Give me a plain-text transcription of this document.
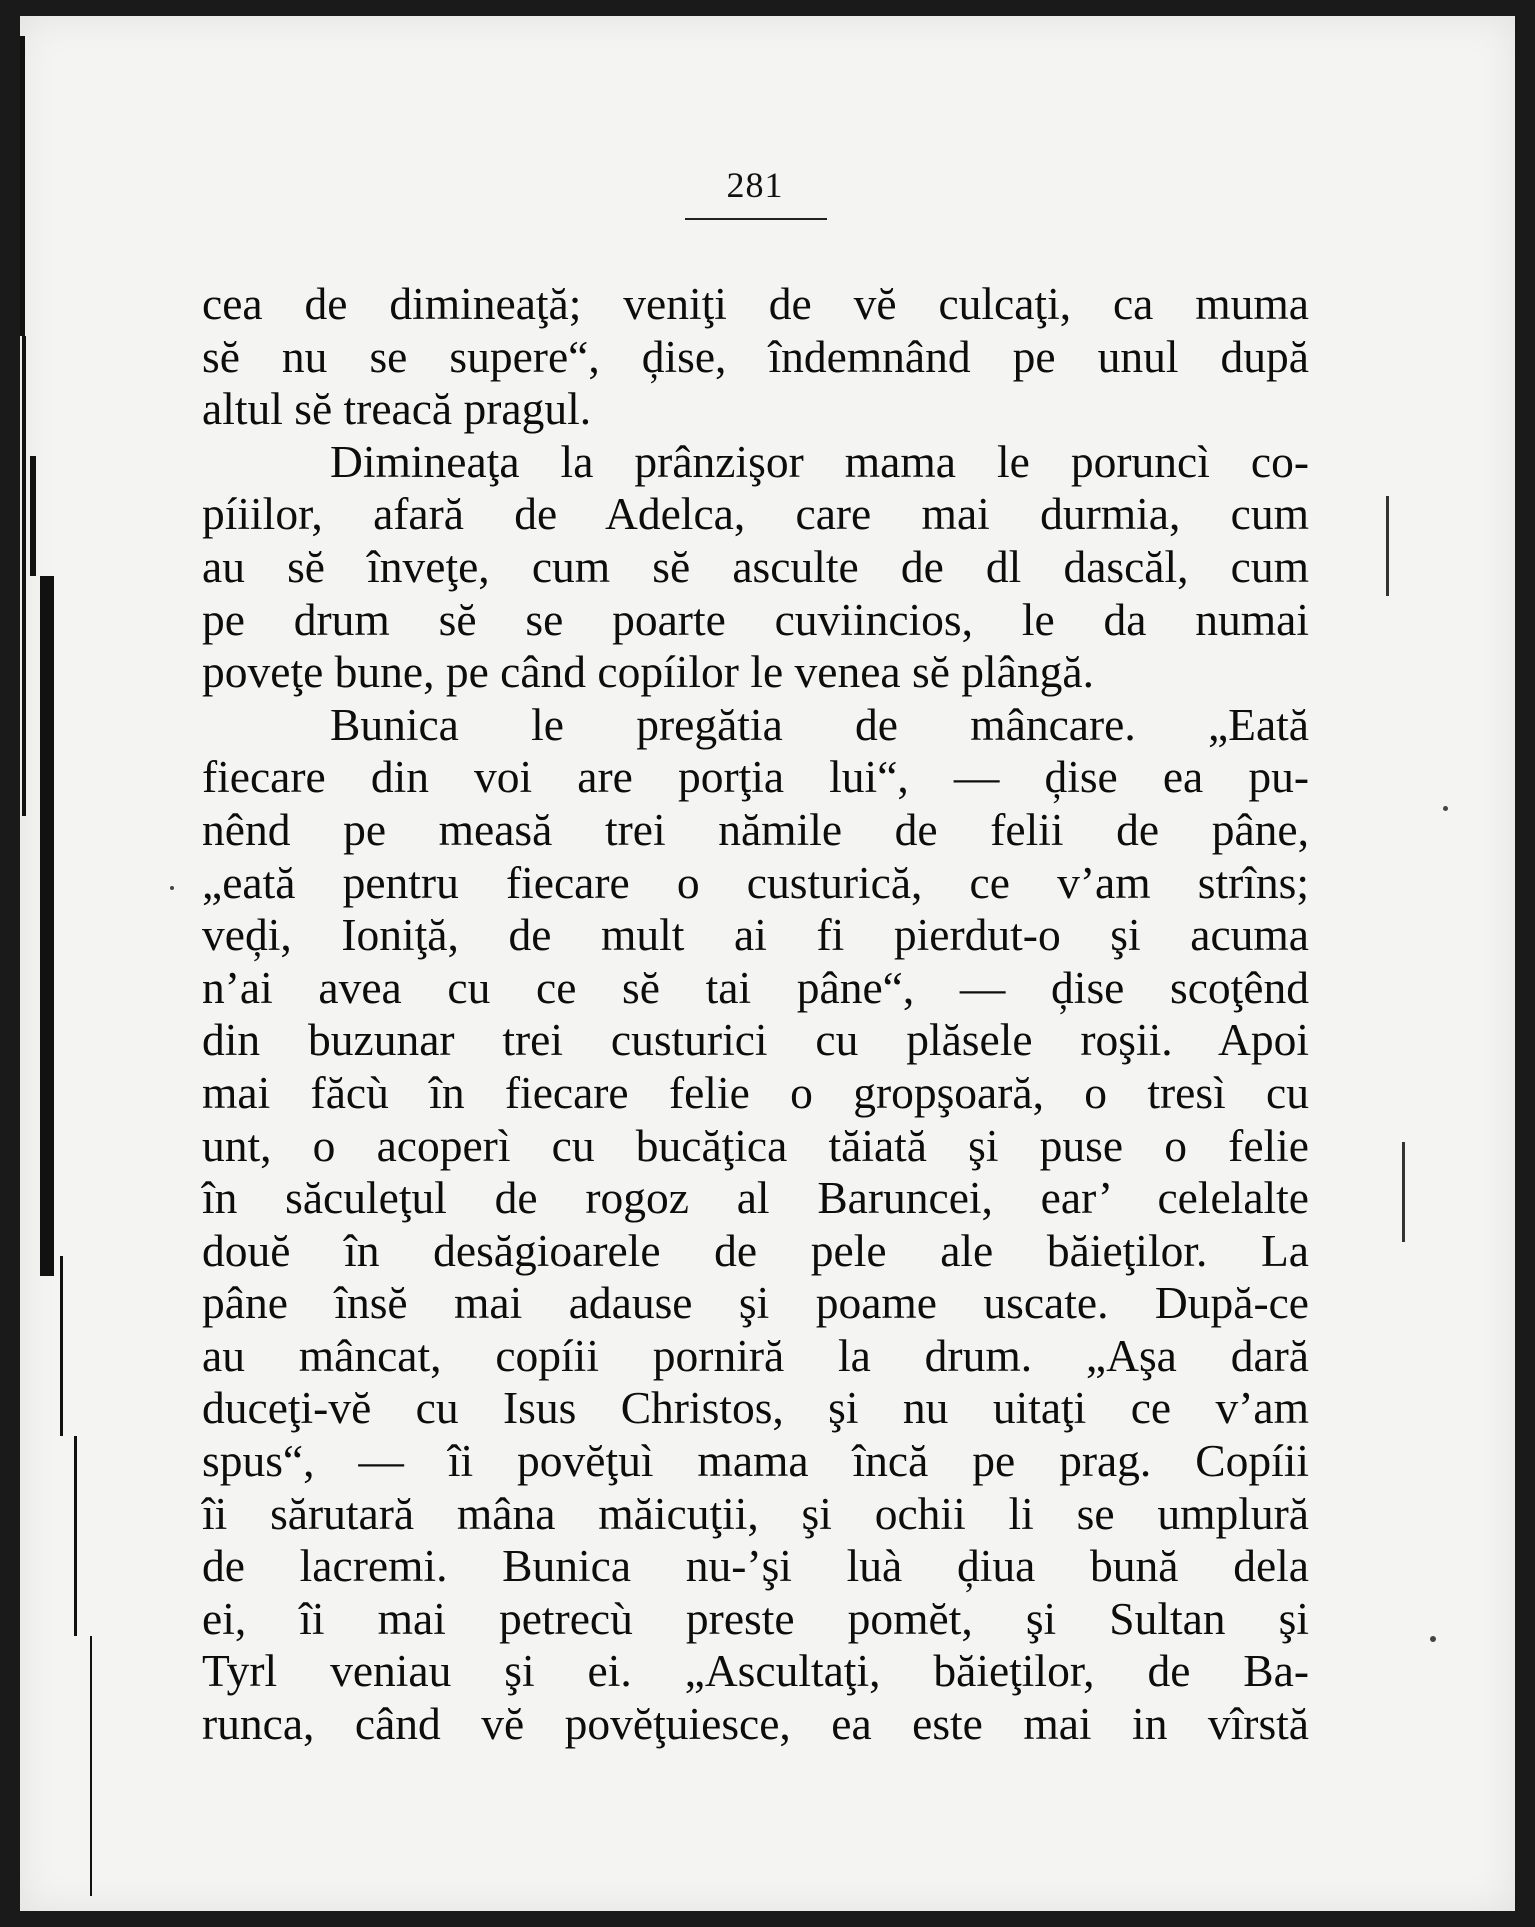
281
cea de dimineaţă; veniţi de vĕ culcaţi, ca muma
sĕ nu se supere“, ḑise, îndemnând pe unul după
altul sĕ treacă pragul.
Dimineaţa la prânzişor mama le poruncì co-
píiilor, afară de Adelca, care mai durmia, cum
au sĕ înveţe, cum sĕ asculte de dl dascăl, cum
pe drum sĕ se poarte cuviincios, le da numai
poveţe bune, pe când copíilor le venea sĕ plângă.
Bunica le pregătia de mâncare. „Eată
fiecare din voi are porţia lui“, — ḑise ea pu-
nênd pe measă trei nămile de felii de pâne,
„eată pentru fiecare o custurică, ce v’am strîns;
veḑi, Ioniţă, de mult ai fi pierdut-o şi acuma
n’ai avea cu ce sĕ tai pâne“, — ḑise scoţênd
din buzunar trei custurici cu plăsele roşii. Apoi
mai făcù în fiecare felie o gropşoară, o tresì cu
unt, o acoperì cu bucăţica tăiată şi puse o felie
în săculeţul de rogoz al Baruncei, ear’ celelalte
douĕ în desăgioarele de pele ale băieţilor. La
pâne însĕ mai adause şi poame uscate. După-ce
au mâncat, copíii porniră la drum. „Aşa dară
duceţi-vĕ cu Isus Christos, şi nu uitaţi ce v’am
spus“, — îi povĕţuì mama încă pe prag. Copíii
îi sărutară mâna măicuţii, şi ochii li se umplură
de lacremi. Bunica nu-’şi luà ḑiua bună dela
ei, îi mai petrecù preste pomĕt, şi Sultan şi
Tyrl veniau şi ei. „Ascultaţi, băieţilor, de Ba-
runca, când vĕ povĕţuiesce, ea este mai in vîrstă
